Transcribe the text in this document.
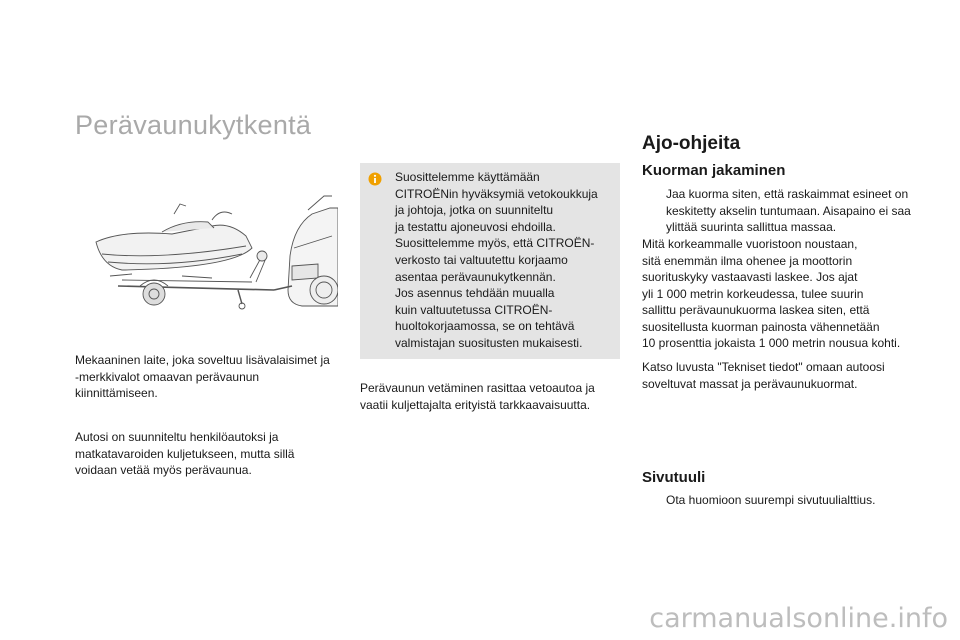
Perävaunukytkentä

Mekaaninen laite, joka soveltuu lisävalaisimet ja -merkkivalot omaavan perävaunun kiinnittämiseen.

Autosi on suunniteltu henkilöautoksi ja matkatavaroiden kuljetukseen, mutta sillä voidaan vetää myös perävaunua.

Suosittelemme käyttämään
CITROËNin hyväksymiä vetokoukkuja
ja johtoja, jotka on suunniteltu
ja testattu ajoneuvosi ehdoilla.
Suosittelemme myös, että CITROËN-
verkosto tai valtuutettu korjaamo
asentaa perävaunukytkennän.
Jos asennus tehdään muualla
kuin valtuutetussa CITROËN-
huoltokorjaamossa, se on tehtävä
valmistajan suositusten mukaisesti.

Perävaunun vetäminen rasittaa vetoautoa ja vaatii kuljettajalta erityistä tarkkaavaisuutta.

Ajo-ohjeita
Kuorman jakaminen
Jaa kuorma siten, että raskaimmat esineet on keskitetty akselin tuntumaan. Aisapaino ei saa ylittää suurinta sallittua massaa.

Mitä korkeammalle vuoristoon noustaan,
sitä enemmän ilma ohenee ja moottorin
suorituskyky vastaavasti laskee. Jos ajat
yli 1 000 metrin korkeudessa, tulee suurin
sallittu perävaunukuorma laskea siten, että
suositellusta kuorman painosta vähennetään
10 prosenttia jokaista 1 000 metrin nousua kohti.

Katso luvusta "Tekniset tiedot" omaan autoosi soveltuvat massat ja perävaunukuormat.

Sivutuuli
Ota huomioon suurempi sivutuulialttius.
carmanualsonline.info
